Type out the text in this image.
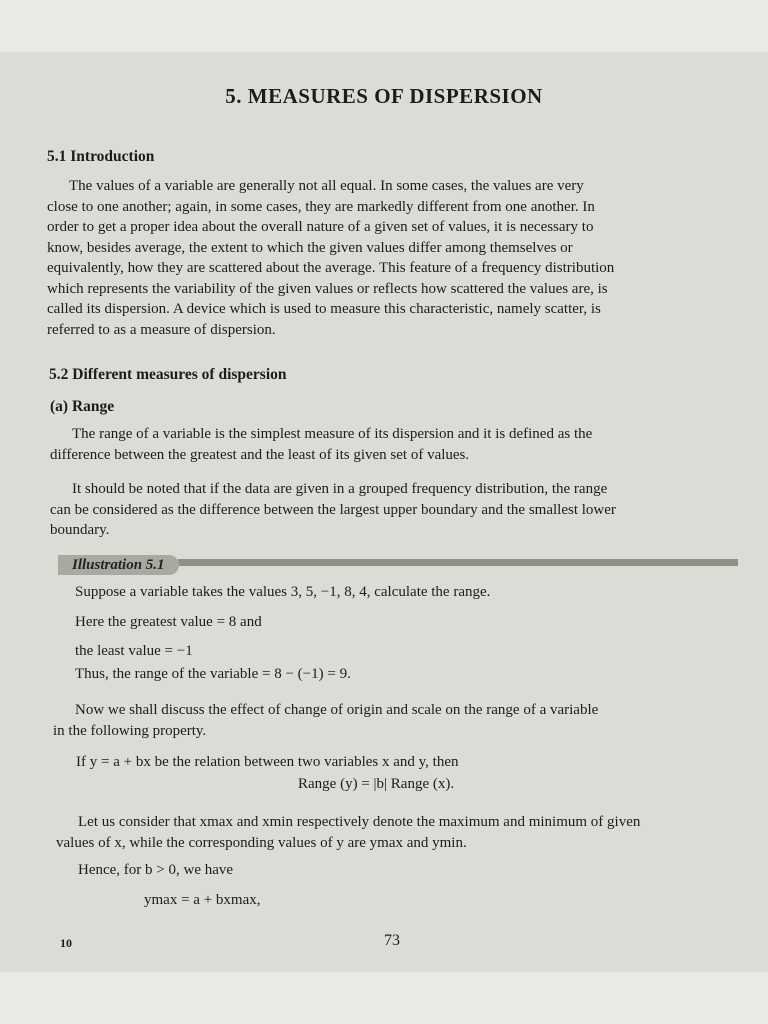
5. MEASURES OF DISPERSION
5.1 Introduction

The values of a variable are generally not all equal. In some cases, the values are very

close to one another; again, in some cases, they are markedly different from one another. In

order to get a proper idea about the overall nature of a given set of values, it is necessary to

know, besides average, the extent to which the given values differ among themselves or

equivalently, how they are scattered about the average. This feature of a frequency distribution

which represents the variability of the given values or reflects how scattered the values are, is

called its dispersion. A device which is used to measure this characteristic, namely scatter, is

referred to as a measure of dispersion.

5.2 Different measures of dispersion
(a) Range

The range of a variable is the simplest measure of its dispersion and it is defined as the

difference between the greatest and the least of its given set of values.

It should be noted that if the data are given in a grouped frequency distribution, the range

can be considered as the difference between the largest upper boundary and the smallest lower

boundary.

Illustration 5.1
Suppose a variable takes the values 3, 5, −1, 8, 4, calculate the range.
Here the greatest value = 8 and
the least value = −1
Thus, the range of the variable = 8 − (−1) = 9.

Now we shall discuss the effect of change of origin and scale on the range of a variable

in the following property.

If y = a + bx be the relation between two variables x and y, then
Range (y) = |b| Range (x).

Let us consider that xmax and xmin respectively denote the maximum and minimum of given

values of x, while the corresponding values of y are ymax and ymin.

Hence, for b > 0, we have
ymax = a + bxmax,
10	73
